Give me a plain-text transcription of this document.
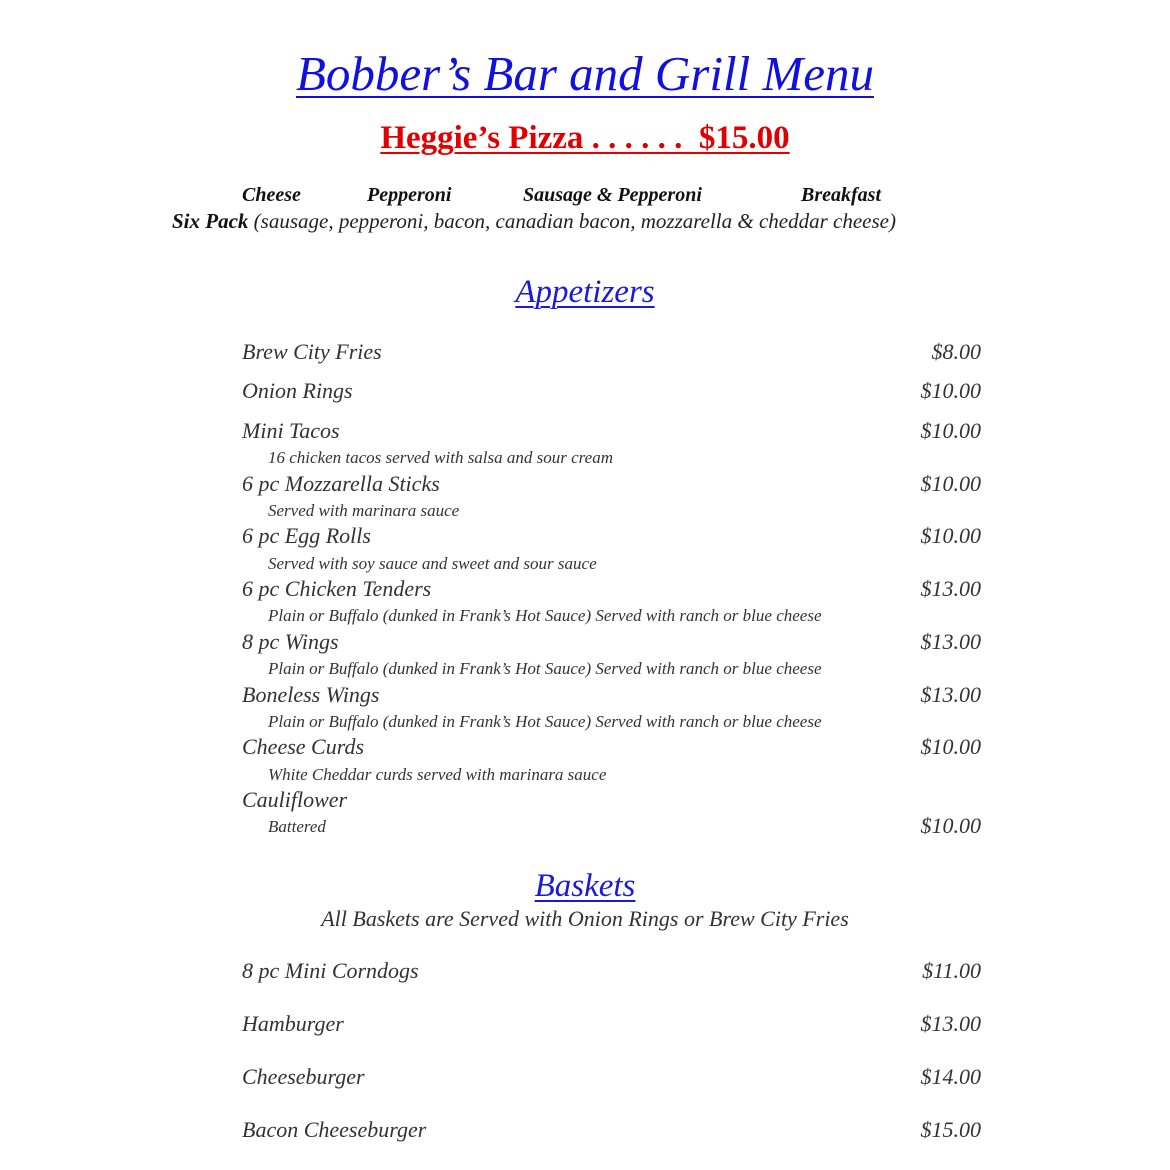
Bobber’s Bar and Grill Menu
Heggie’s Pizza . . . . . .  $15.00
Cheese	Pepperoni	Sausage & Pepperoni	Breakfast
Six Pack (sausage, pepperoni, bacon, canadian bacon, mozzarella & cheddar cheese)
Appetizers
Brew City Fries	$8.00
Onion Rings	$10.00
Mini Tacos	$10.00
16 chicken tacos served with salsa and sour cream
6 pc Mozzarella Sticks	$10.00
Served with marinara sauce
6 pc Egg Rolls	$10.00
Served with soy sauce and sweet and sour sauce
6 pc Chicken Tenders	$13.00
Plain or Buffalo (dunked in Frank’s Hot Sauce) Served with ranch or blue cheese
8 pc Wings	$13.00
Plain or Buffalo (dunked in Frank’s Hot Sauce) Served with ranch or blue cheese
Boneless Wings	$13.00
Plain or Buffalo (dunked in Frank’s Hot Sauce) Served with ranch or blue cheese
Cheese Curds	$10.00
White Cheddar curds served with marinara sauce
Cauliflower
Battered	$10.00
Baskets
All Baskets are Served with Onion Rings or Brew City Fries
8 pc Mini Corndogs	$11.00
Hamburger	$13.00
Cheeseburger	$14.00
Bacon Cheeseburger	$15.00
